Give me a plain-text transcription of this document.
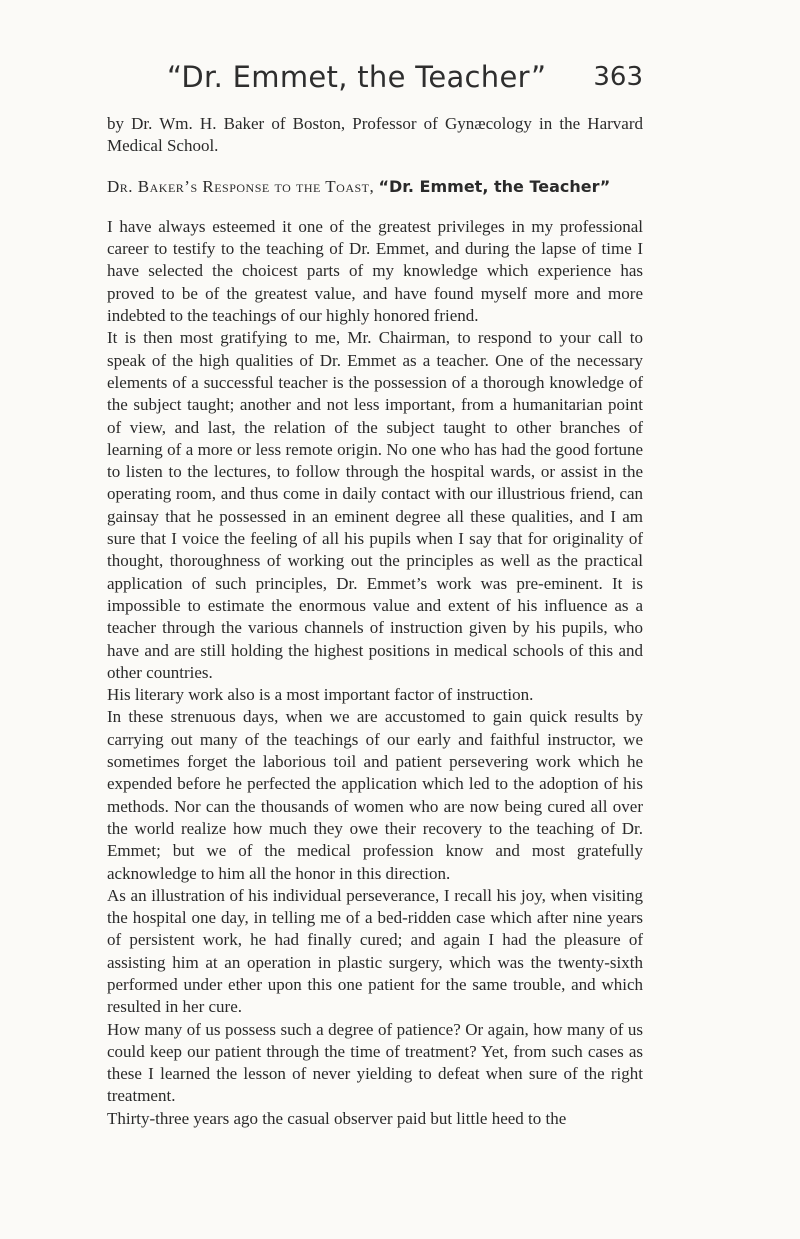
“Dr. Emmet, the Teacher” 363

by Dr. Wm. H. Baker of Boston, Professor of Gynæcology in the Harvard Medical School.

Dr. Baker’s Response to the Toast, “Dr. Emmet, the Teacher”

I have always esteemed it one of the greatest privileges in my professional career to testify to the teaching of Dr. Emmet, and during the lapse of time I have selected the choicest parts of my knowledge which experience has proved to be of the greatest value, and have found myself more and more indebted to the teachings of our highly honored friend.

It is then most gratifying to me, Mr. Chairman, to respond to your call to speak of the high qualities of Dr. Emmet as a teacher. One of the necessary elements of a successful teacher is the possession of a thorough knowledge of the subject taught; another and not less important, from a humanitarian point of view, and last, the relation of the subject taught to other branches of learning of a more or less remote origin. No one who has had the good fortune to listen to the lectures, to follow through the hospital wards, or assist in the operating room, and thus come in daily contact with our illustrious friend, can gainsay that he possessed in an eminent degree all these qualities, and I am sure that I voice the feeling of all his pupils when I say that for originality of thought, thoroughness of working out the principles as well as the practical application of such principles, Dr. Emmet’s work was pre-eminent. It is impossible to estimate the enormous value and extent of his influence as a teacher through the various channels of instruction given by his pupils, who have and are still holding the highest positions in medical schools of this and other countries.

His literary work also is a most important factor of instruction.

In these strenuous days, when we are accustomed to gain quick results by carrying out many of the teachings of our early and faithful instructor, we sometimes forget the laborious toil and patient persevering work which he expended before he perfected the application which led to the adoption of his methods. Nor can the thousands of women who are now being cured all over the world realize how much they owe their recovery to the teaching of Dr. Emmet; but we of the medical profession know and most gratefully acknowledge to him all the honor in this direction.

As an illustration of his individual perseverance, I recall his joy, when visiting the hospital one day, in telling me of a bed-ridden case which after nine years of persistent work, he had finally cured; and again I had the pleasure of assisting him at an operation in plastic surgery, which was the twenty-sixth performed under ether upon this one patient for the same trouble, and which resulted in her cure.

How many of us possess such a degree of patience? Or again, how many of us could keep our patient through the time of treatment? Yet, from such cases as these I learned the lesson of never yielding to defeat when sure of the right treatment.

Thirty-three years ago the casual observer paid but little heed to the
